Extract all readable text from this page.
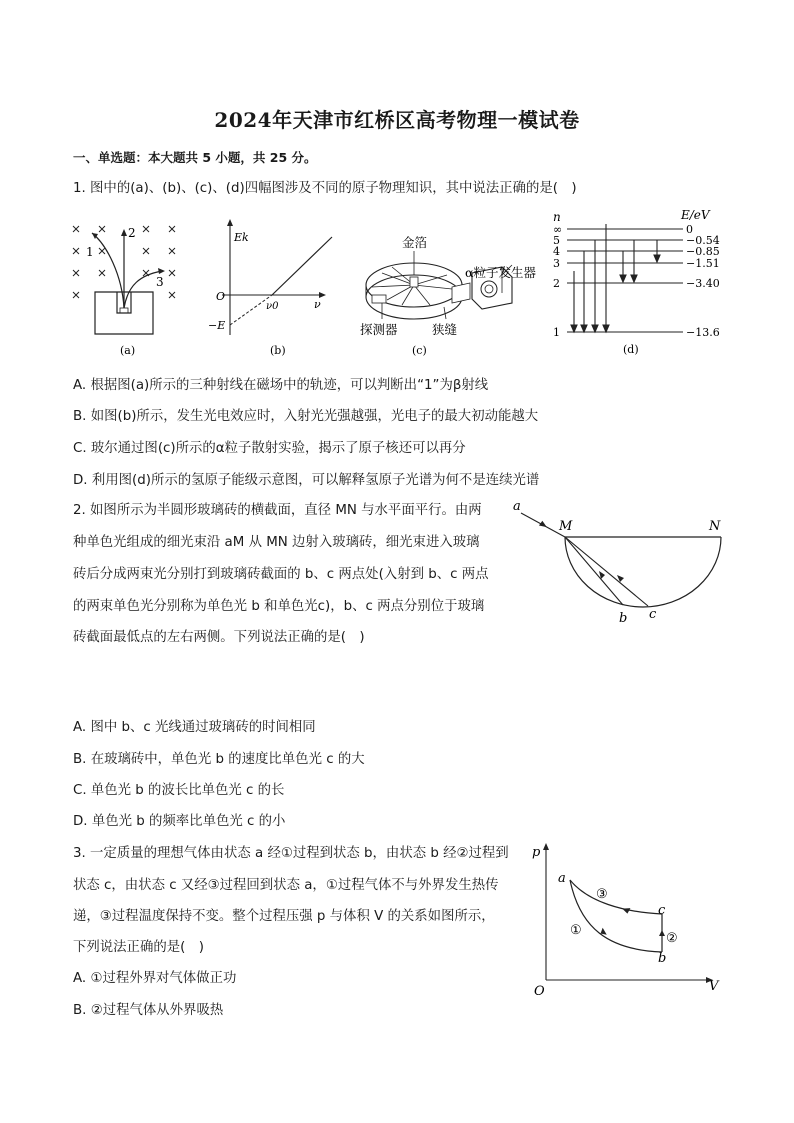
2024年天津市红桥区高考物理一模试卷
一、单选题：本大题共 5 小题，共 25 分。
1. 图中的(a)、(b)、(c)、(d)四幅图涉及不同的原子物理知识，其中说法正确的是(　)
1
2
3
(a)
Ek
O
ν0	ν
−E
(b)
金箔
α粒子发生器
探测器	狭缝
(c)
∞	0
5	−0.54
4	−0.85
3	−1.51
2	−3.40
1	−13.6
n	E/eV
(d)
A. 根据图(a)所示的三种射线在磁场中的轨迹，可以判断出“1”为β射线
B. 如图(b)所示，发生光电效应时，入射光光强越强，光电子的最大初动能越大
C. 玻尔通过图(c)所示的α粒子散射实验，揭示了原子核还可以再分
D. 利用图(d)所示的氢原子能级示意图，可以解释氢原子光谱为何不是连续光谱
2. 如图所示为半圆形玻璃砖的横截面，直径 MN 与水平面平行。由两
种单色光组成的细光束沿 aM 从 MN 边射入玻璃砖，细光束进入玻璃
砖后分成两束光分别打到玻璃砖截面的 b、c 两点处(入射到 b、c 两点
的两束单色光分别称为单色光 b 和单色光c)，b、c 两点分别位于玻璃
砖截面最低点的左右两侧。下列说法正确的是(　)
a
M	N
b c
A. 图中 b、c 光线通过玻璃砖的时间相同
B. 在玻璃砖中，单色光 b 的速度比单色光 c 的大
C. 单色光 b 的波长比单色光 c 的长
D. 单色光 b 的频率比单色光 c 的小
3. 一定质量的理想气体由状态 a 经①过程到状态 b，由状态 b 经②过程到
状态 c，由状态 c 又经③过程回到状态 a，①过程气体不与外界发生热传
递，③过程温度保持不变。整个过程压强 p 与体积 V 的关系如图所示，
下列说法正确的是(　)
A. ①过程外界对气体做正功
B. ②过程气体从外界吸热
p
V
O
a
b
c
①
②
③
